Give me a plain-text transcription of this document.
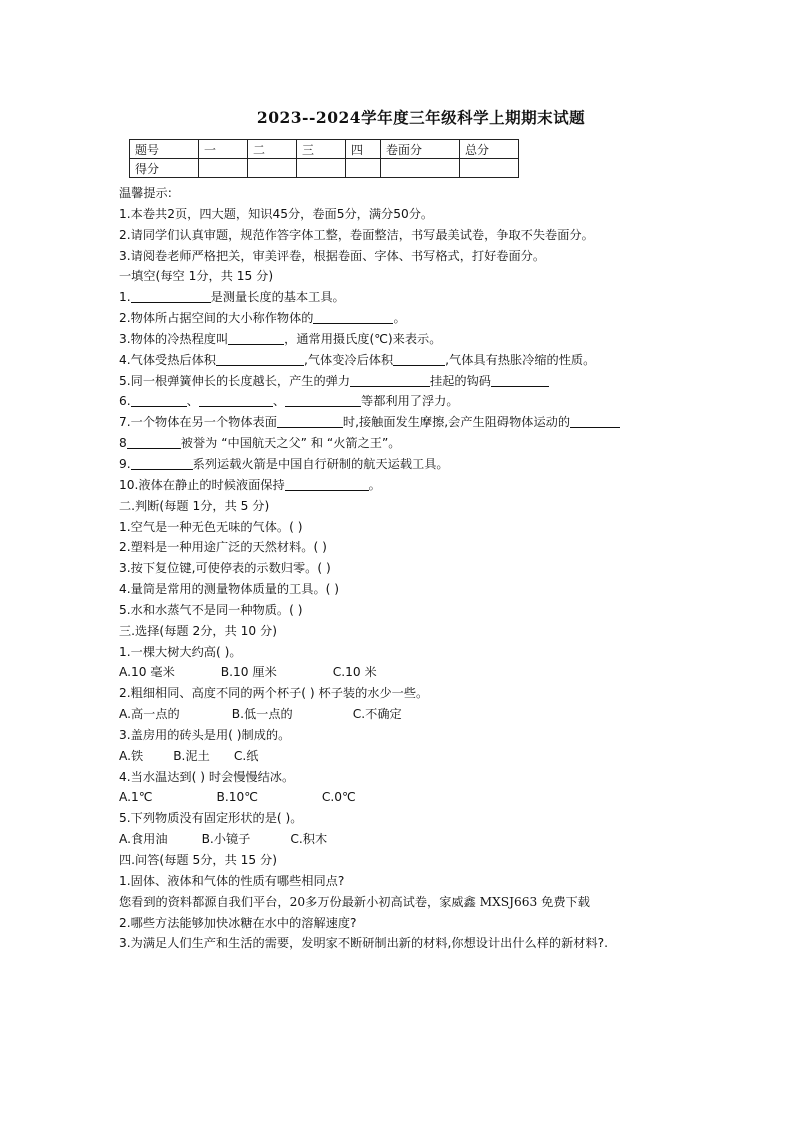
2023--2024学年度三年级科学上期期末试题
题号	一	二	三	四	卷面分	总分
得分						
温馨提示:
1.本卷共2页，四大题，知识45分，卷面5分，满分50分。
2.请同学们认真审题，规范作答字体工整，卷面整洁，书写最美试卷，争取不失卷面分。
3.请阅卷老师严格把关，审美评卷，根据卷面、字体、书写格式，打好卷面分。
一填空(每空 1分，共 15 分)
1.	是测量长度的基本工具。
2.物体所占据空间的大小称作物体的	。
3.物体的冷热程度叫	，通常用摄氏度(℃)来表示。
4.气体受热后体积	,气体变冷后体积	,气体具有热胀冷缩的性质。
5.同一根弹簧伸长的长度越长，产生的弹力	挂起的钩码
6.	、	、	等都利用了浮力。
7.一个物体在另一个物体表面	时,接触面发生摩擦,会产生阻碍物体运动的
8	被誉为 “中国航天之父” 和 “火箭之王”。
9.	系列运载火箭是中国自行研制的航天运载工具。
10.液体在静止的时候液面保持	。
二.判断(每题 1分，共 5 分)
1.空气是一种无色无味的气体。( )
2.塑料是一种用途广泛的天然材料。( )
3.按下复位键,可使停表的示数归零。( )
4.量筒是常用的测量物体质量的工具。( )
5.水和水蒸气不是同一种物质。( )
三.选择(每题 2分，共 10 分)
1.一棵大树大约高( )。
A.10 毫米	B.10 厘米	C.10 米
2.粗细相同、高度不同的两个杯子( ) 杯子装的水少一些。
A.高一点的	B.低一点的	C.不确定
3.盖房用的砖头是用( )制成的。
A.铁 B.泥土 C.纸
4.当水温达到( ) 时会慢慢结冰。
A.1℃	B.10℃	C.0℃
5.下列物质没有固定形状的是( )。
A.食用油	B.小镜子	C.积木
四.问答(每题 5分，共 15 分)
1.固体、液体和气体的性质有哪些相同点?
您看到的资料都源自我们平台，20多万份最新小初高试卷，家威鑫 MXSJ663 免费下载
2.哪些方法能够加快冰糖在水中的溶解速度?
3.为满足人们生产和生活的需要，发明家不断研制出新的材料,你想设计出什么样的新材料?.
